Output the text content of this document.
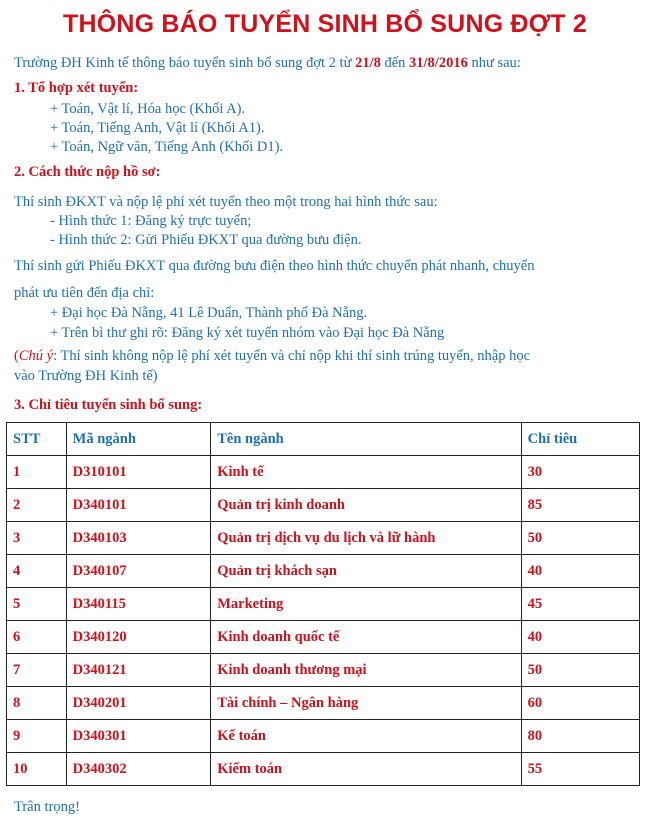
THÔNG BÁO TUYỂN SINH BỔ SUNG ĐỢT 2
Trường ĐH Kinh tế thông báo tuyển sinh bổ sung đợt 2 từ 21/8 đến 31/8/2016 như sau:
1. Tổ hợp xét tuyển:
+ Toán, Vật lí, Hóa học (Khối A).
+ Toán, Tiếng Anh, Vật lí (Khối A1).
+ Toán, Ngữ văn, Tiếng Anh (Khối D1).
2. Cách thức nộp hồ sơ:
Thí sinh ĐKXT và nộp lệ phí xét tuyển theo một trong hai hình thức sau:
- Hình thức 1: Đăng ký trực tuyến;
- Hình thức 2: Gửi Phiếu ĐKXT qua đường bưu điện.
Thí sinh gửi Phiếu ĐKXT qua đường bưu điện theo hình thức chuyển phát nhanh, chuyển
phát ưu tiên đến địa chỉ:
+ Đại học Đà Nẵng, 41 Lê Duẩn, Thành phố Đà Nẵng.
+ Trên bì thư ghi rõ: Đăng ký xét tuyển nhóm vào Đại học Đà Nẵng
(Chú ý: Thí sinh không nộp lệ phí xét tuyển và chỉ nộp khi thí sinh trúng tuyển, nhập học
vào Trường ĐH Kinh tế)
3. Chỉ tiêu tuyển sinh bổ sung:
STT	Mã ngành	Tên ngành	Chỉ tiêu
1	D310101	Kinh tế	30
2	D340101	Quản trị kinh doanh	85
3	D340103	Quản trị dịch vụ du lịch và lữ hành	50
4	D340107	Quản trị khách sạn	40
5	D340115	Marketing	45
6	D340120	Kinh doanh quốc tế	40
7	D340121	Kinh doanh thương mại	50
8	D340201	Tài chính – Ngân hàng	60
9	D340301	Kế toán	80
10	D340302	Kiểm toán	55
Trân trọng!
